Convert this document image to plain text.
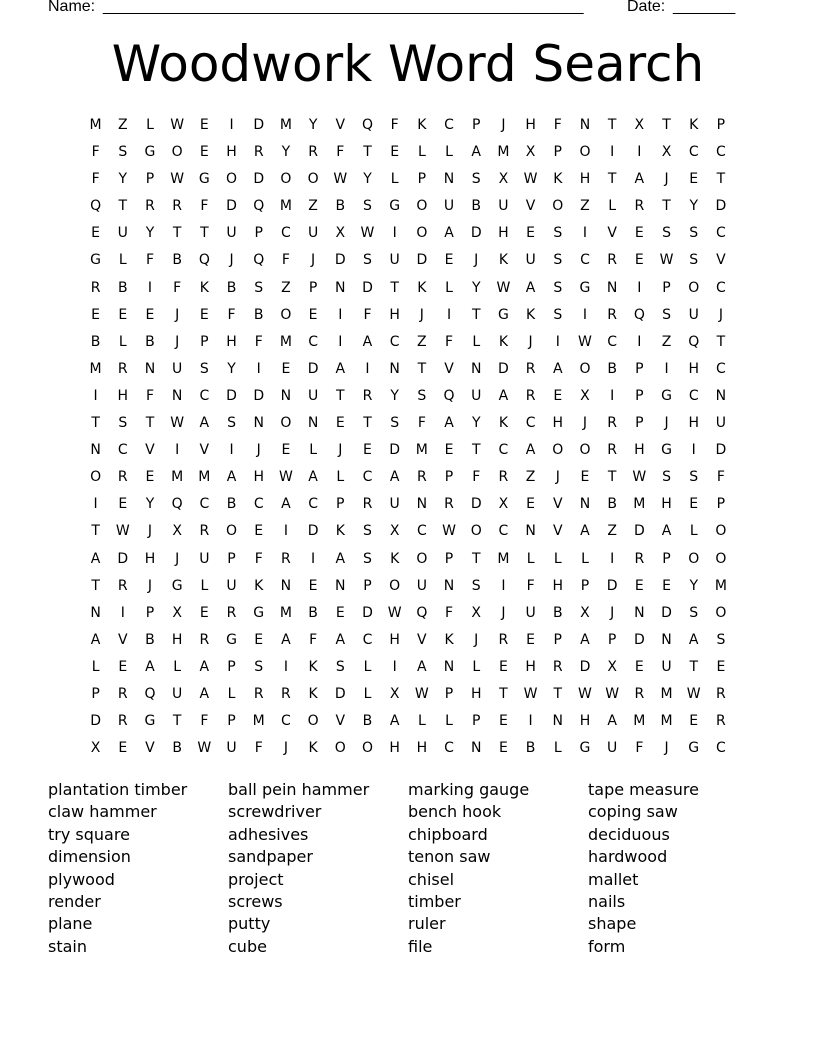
Name: ______________________________________________________	Date: _______
Woodwork Word Search
M	Z	L	W	E	I	D	M	Y	V	Q	F	K	C	P	J	H	F	N	T	X	T	K	P
F	S	G	O	E	H	R	Y	R	F	T	E	L	L	A	M	X	P	O	I	I	X	C	C
F	Y	P	W	G	O	D	O	O	W	Y	L	P	N	S	X	W	K	H	T	A	J	E	T
Q	T	R	R	F	D	Q	M	Z	B	S	G	O	U	B	U	V	O	Z	L	R	T	Y	D
E	U	Y	T	T	U	P	C	U	X	W	I	O	A	D	H	E	S	I	V	E	S	S	C
G	L	F	B	Q	J	Q	F	J	D	S	U	D	E	J	K	U	S	C	R	E	W	S	V
R	B	I	F	K	B	S	Z	P	N	D	T	K	L	Y	W	A	S	G	N	I	P	O	C
E	E	E	J	E	F	B	O	E	I	F	H	J	I	T	G	K	S	I	R	Q	S	U	J
B	L	B	J	P	H	F	M	C	I	A	C	Z	F	L	K	J	I	W	C	I	Z	Q	T
M	R	N	U	S	Y	I	E	D	A	I	N	T	V	N	D	R	A	O	B	P	I	H	C
I	H	F	N	C	D	D	N	U	T	R	Y	S	Q	U	A	R	E	X	I	P	G	C	N
T	S	T	W	A	S	N	O	N	E	T	S	F	A	Y	K	C	H	J	R	P	J	H	U
N	C	V	I	V	I	J	E	L	J	E	D	M	E	T	C	A	O	O	R	H	G	I	D
O	R	E	M	M	A	H	W	A	L	C	A	R	P	F	R	Z	J	E	T	W	S	S	F
I	E	Y	Q	C	B	C	A	C	P	R	U	N	R	D	X	E	V	N	B	M	H	E	P
T	W	J	X	R	O	E	I	D	K	S	X	C	W	O	C	N	V	A	Z	D	A	L	O
A	D	H	J	U	P	F	R	I	A	S	K	O	P	T	M	L	L	L	I	R	P	O	O
T	R	J	G	L	U	K	N	E	N	P	O	U	N	S	I	F	H	P	D	E	E	Y	M
N	I	P	X	E	R	G	M	B	E	D	W	Q	F	X	J	U	B	X	J	N	D	S	O
A	V	B	H	R	G	E	A	F	A	C	H	V	K	J	R	E	P	A	P	D	N	A	S
L	E	A	L	A	P	S	I	K	S	L	I	A	N	L	E	H	R	D	X	E	U	T	E
P	R	Q	U	A	L	R	R	K	D	L	X	W	P	H	T	W	T	W W	R	M	W	R
D	R	G	T	F	P	M	C	O	V	B	A	L	L	P	E	I	N	H	A	M	M	E	R
X	E	V	B	W	U	F	J	K	O	O	H	H	C	N	E	B	L	G	U	F	J	G	C
plantation timber	ball pein hammer	marking gauge	tape measure
claw hammer	screwdriver	bench hook	coping saw
try square	adhesives	chipboard	deciduous
dimension	sandpaper	tenon saw	hardwood
plywood	project	chisel	mallet
render	screws	timber	nails
plane	putty	ruler	shape
stain	cube	file	form
